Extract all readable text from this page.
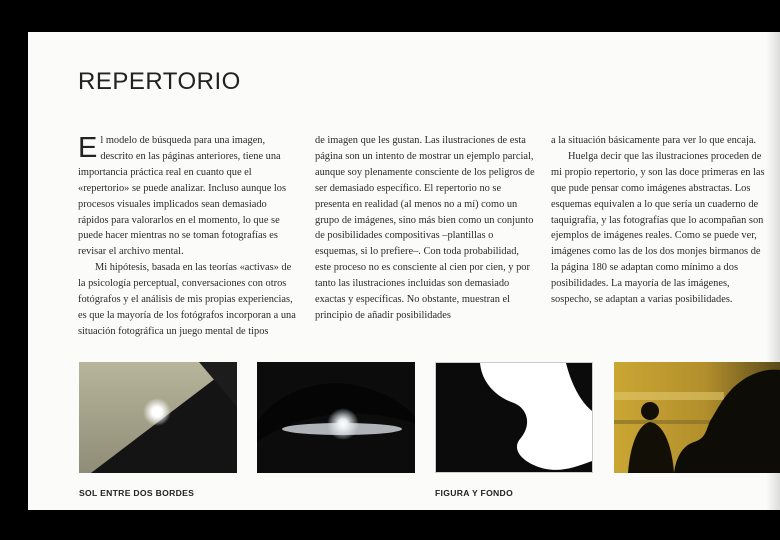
REPERTORIO

El modelo de búsqueda para una imagen, descrito en las páginas anteriores, tiene una importancia práctica real en cuanto que el «repertorio» se puede analizar. Incluso aunque los procesos visuales implicados sean demasiado rápidos para valorarlos en el momento, lo que se puede hacer mientras no se toman fotografías es revisar el archivo mental.

Mi hipótesis, basada en las teorías «activas» de la psicología perceptual, conversaciones con otros fotógrafos y el análisis de mis propias experiencias, es que la mayoría de los fotógrafos incorporan a una situación fotográfica un juego mental de tipos

de imagen que les gustan. Las ilustraciones de esta página son un intento de mostrar un ejemplo parcial, aunque soy plenamente consciente de los peligros de ser demasiado específico. El repertorio no se presenta en realidad (al menos no a mí) como un grupo de imágenes, sino más bien como un conjunto de posibilidades compositivas –plantillas o esquemas, si lo prefiere–. Con toda probabilidad, este proceso no es consciente al cien por cien, y por tanto las ilustraciones incluidas son demasiado exactas y específicas. No obstante, muestran el principio de añadir posibilidades

a la situación básicamente para ver lo que encaja.

Huelga decir que las ilustraciones proceden de mi propio repertorio, y son las doce primeras en las que pude pensar como imágenes abstractas. Los esquemas equivalen a lo que sería un cuaderno de taquigrafía, y las fotografías que lo acompañan son ejemplos de imágenes reales. Como se puede ver, imágenes como las de los dos monjes birmanos de la página 180 se adaptan como mínimo a dos posibilidades. La mayoría de las imágenes, sospecho, se adaptan a varias posibilidades.

SOL ENTRE DOS BORDES	FIGURA Y FONDO
